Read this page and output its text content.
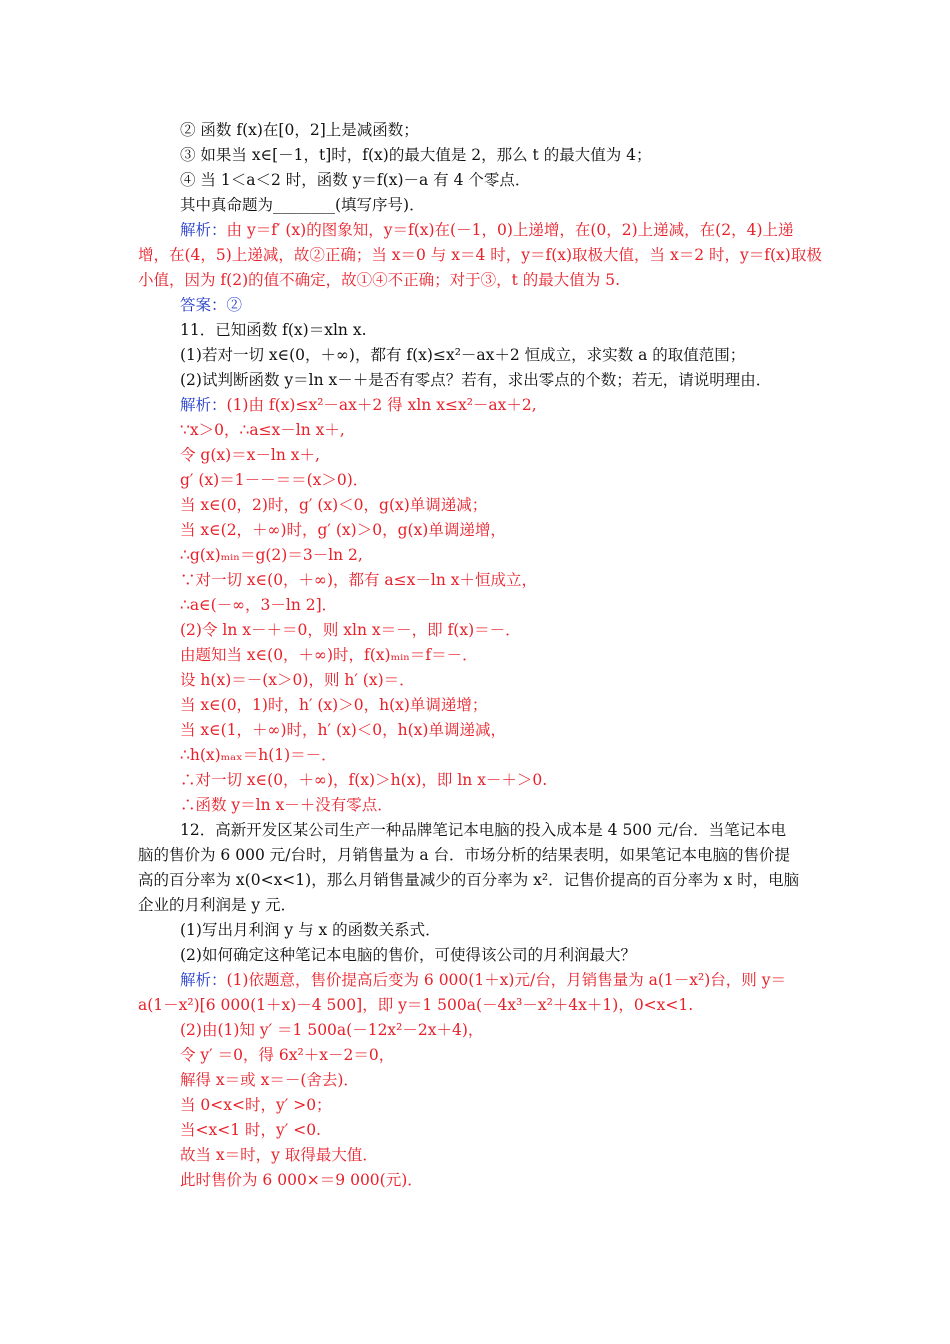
② 函数 f(x)在[0，2]上是减函数；
③ 如果当 x∈[－1，t]时，f(x)的最大值是 2，那么 t 的最大值为 4；
④ 当 1＜a＜2 时，函数 y＝f(x)－a 有 4 个零点．
其中真命题为________(填写序号)．
解析：由 y＝f′ (x)的图象知，y＝f(x)在(－1，0)上递增，在(0，2)上递减，在(2，4)上递
增，在(4，5)上递减，故②正确；当 x＝0 与 x＝4 时，y＝f(x)取极大值，当 x＝2 时，y＝f(x)取极
小值，因为 f(2)的值不确定，故①④不正确；对于③，t 的最大值为 5.
答案：②
11．已知函数 f(x)＝xln x.
(1)若对一切 x∈(0，＋∞)，都有 f(x)≤x²－ax＋2 恒成立，求实数 a 的取值范围；
(2)试判断函数 y＝ln x－＋是否有零点？若有，求出零点的个数；若无，请说明理由．
解析：(1)由 f(x)≤x²－ax＋2 得 xln x≤x²－ax＋2,
∵x＞0，∴a≤x－ln x＋,
令 g(x)＝x－ln x＋,
g′ (x)＝1－－＝＝(x＞0)．
当 x∈(0，2)时，g′ (x)＜0，g(x)单调递减；
当 x∈(2，＋∞)时，g′ (x)＞0，g(x)单调递增，
∴g(x)ₘᵢₙ＝g(2)＝3－ln 2,
∵对一切 x∈(0，＋∞)，都有 a≤x－ln x＋恒成立，
∴a∈(－∞，3－ln 2]．
(2)令 ln x－＋＝0，则 xln x＝－，即 f(x)＝－．
由题知当 x∈(0，＋∞)时，f(x)ₘᵢₙ＝f＝－．
设 h(x)＝－(x＞0)，则 h′ (x)＝．
当 x∈(0，1)时，h′ (x)＞0，h(x)单调递增；
当 x∈(1，＋∞)时，h′ (x)＜0，h(x)单调递减，
∴h(x)ₘₐₓ＝h(1)＝－．
∴对一切 x∈(0，＋∞)，f(x)＞h(x)，即 ln x－＋＞0.
∴函数 y＝ln x－＋没有零点．
12．高新开发区某公司生产一种品牌笔记本电脑的投入成本是 4 500 元/台．当笔记本电
脑的售价为 6 000 元/台时，月销售量为 a 台．市场分析的结果表明，如果笔记本电脑的售价提
高的百分率为 x(0<x<1)，那么月销售量减少的百分率为 x²．记售价提高的百分率为 x 时，电脑
企业的月利润是 y 元．
(1)写出月利润 y 与 x 的函数关系式．
(2)如何确定这种笔记本电脑的售价，可使得该公司的月利润最大？
解析：(1)依题意，售价提高后变为 6 000(1＋x)元/台，月销售量为 a(1－x²)台，则 y＝
a(1－x²)[6 000(1＋x)－4 500]，即 y＝1 500a(－4x³－x²＋4x＋1)，0<x<1.
(2)由(1)知 y′ ＝1 500a(－12x²－2x＋4)，
令 y′ ＝0，得 6x²＋x－2＝0，
解得 x＝或 x＝－(舍去)．
当 0<x<时，y′ >0；
当<x<1 时，y′ <0.
故当 x＝时，y 取得最大值．
此时售价为 6 000×＝9 000(元)．
